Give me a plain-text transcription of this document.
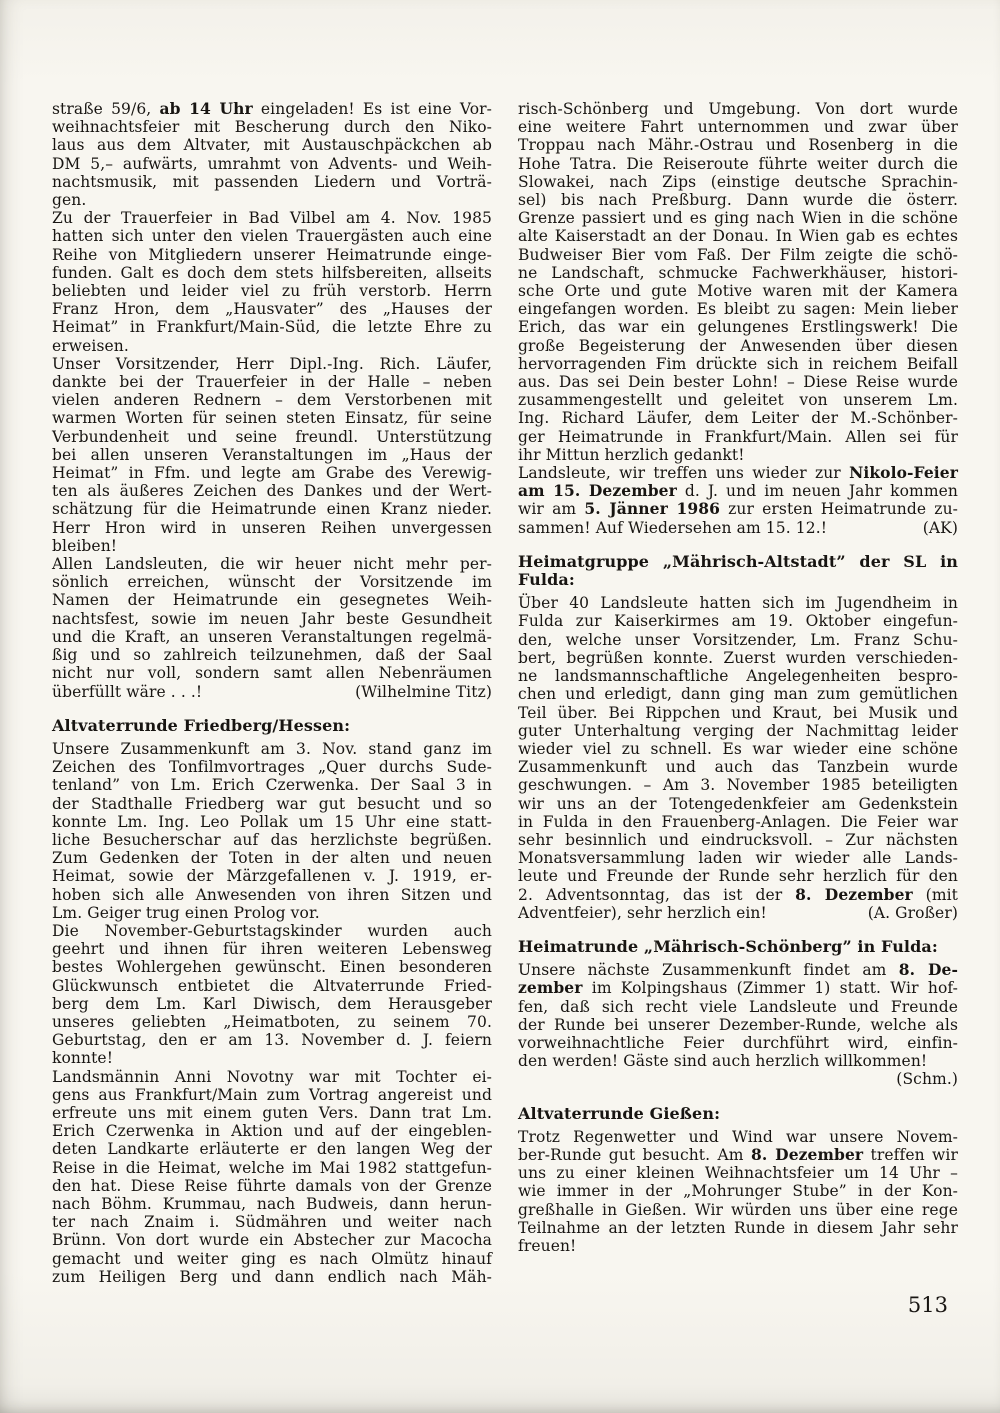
straße 59/6, ab 14 Uhr eingeladen! Es ist eine Vor-
weihnachtsfeier mit Bescherung durch den Niko-
laus aus dem Altvater, mit Austauschpäckchen ab
DM 5,– aufwärts, umrahmt von Advents- und Weih-
nachtsmusik, mit passenden Liedern und Vorträ-
gen.
Zu der Trauerfeier in Bad Vilbel am 4. Nov. 1985
hatten sich unter den vielen Trauergästen auch eine
Reihe von Mitgliedern unserer Heimatrunde einge-
funden. Galt es doch dem stets hilfsbereiten, allseits
beliebten und leider viel zu früh verstorb. Herrn
Franz Hron, dem „Hausvater” des „Hauses der
Heimat” in Frankfurt/Main-Süd, die letzte Ehre zu
erweisen.
Unser Vorsitzender, Herr Dipl.-Ing. Rich. Läufer,
dankte bei der Trauerfeier in der Halle – neben
vielen anderen Rednern – dem Verstorbenen mit
warmen Worten für seinen steten Einsatz, für seine
Verbundenheit und seine freundl. Unterstützung
bei allen unseren Veranstaltungen im „Haus der
Heimat” in Ffm. und legte am Grabe des Verewig-
ten als äußeres Zeichen des Dankes und der Wert-
schätzung für die Heimatrunde einen Kranz nieder.
Herr Hron wird in unseren Reihen unvergessen
bleiben!
Allen Landsleuten, die wir heuer nicht mehr per-
sönlich erreichen, wünscht der Vorsitzende im
Namen der Heimatrunde ein gesegnetes Weih-
nachtsfest, sowie im neuen Jahr beste Gesundheit
und die Kraft, an unseren Veranstaltungen regelmä-
ßig und so zahlreich teilzunehmen, daß der Saal
nicht nur voll, sondern samt allen Nebenräumen
überfüllt wäre . . .!	(Wilhelmine Titz)
Altvaterrunde Friedberg/Hessen:
Unsere Zusammenkunft am 3. Nov. stand ganz im
Zeichen des Tonfilmvortrages „Quer durchs Sude-
tenland” von Lm. Erich Czerwenka. Der Saal 3 in
der Stadthalle Friedberg war gut besucht und so
konnte Lm. Ing. Leo Pollak um 15 Uhr eine statt-
liche Besucherschar auf das herzlichste begrüßen.
Zum Gedenken der Toten in der alten und neuen
Heimat, sowie der Märzgefallenen v. J. 1919, er-
hoben sich alle Anwesenden von ihren Sitzen und
Lm. Geiger trug einen Prolog vor.
Die November-Geburtstagskinder wurden auch
geehrt und ihnen für ihren weiteren Lebensweg
bestes Wohlergehen gewünscht. Einen besonderen
Glückwunsch entbietet die Altvaterrunde Fried-
berg dem Lm. Karl Diwisch, dem Herausgeber
unseres geliebten „Heimatboten, zu seinem 70.
Geburtstag, den er am 13. November d. J. feiern
konnte!
Landsmännin Anni Novotny war mit Tochter ei-
gens aus Frankfurt/Main zum Vortrag angereist und
erfreute uns mit einem guten Vers. Dann trat Lm.
Erich Czerwenka in Aktion und auf der eingeblen-
deten Landkarte erläuterte er den langen Weg der
Reise in die Heimat, welche im Mai 1982 stattgefun-
den hat. Diese Reise führte damals von der Grenze
nach Böhm. Krummau, nach Budweis, dann herun-
ter nach Znaim i. Südmähren und weiter nach
Brünn. Von dort wurde ein Abstecher zur Macocha
gemacht und weiter ging es nach Olmütz hinauf
zum Heiligen Berg und dann endlich nach Mäh-
risch-Schönberg und Umgebung. Von dort wurde
eine weitere Fahrt unternommen und zwar über
Troppau nach Mähr.-Ostrau und Rosenberg in die
Hohe Tatra. Die Reiseroute führte weiter durch die
Slowakei, nach Zips (einstige deutsche Sprachin-
sel) bis nach Preßburg. Dann wurde die österr.
Grenze passiert und es ging nach Wien in die schöne
alte Kaiserstadt an der Donau. In Wien gab es echtes
Budweiser Bier vom Faß. Der Film zeigte die schö-
ne Landschaft, schmucke Fachwerkhäuser, histori-
sche Orte und gute Motive waren mit der Kamera
eingefangen worden. Es bleibt zu sagen: Mein lieber
Erich, das war ein gelungenes Erstlingswerk! Die
große Begeisterung der Anwesenden über diesen
hervorragenden Fim drückte sich in reichem Beifall
aus. Das sei Dein bester Lohn! – Diese Reise wurde
zusammengestellt und geleitet von unserem Lm.
Ing. Richard Läufer, dem Leiter der M.-Schönber-
ger Heimatrunde in Frankfurt/Main. Allen sei für
ihr Mittun herzlich gedankt!
Landsleute, wir treffen uns wieder zur Nikolo-Feier
am 15. Dezember d. J. und im neuen Jahr kommen
wir am 5. Jänner 1986 zur ersten Heimatrunde zu-
sammen! Auf Wiedersehen am 15. 12.!	(AK)
Heimatgruppe „Mährisch-Altstadt” der SL in
Fulda:
Über 40 Landsleute hatten sich im Jugendheim in
Fulda zur Kaiserkirmes am 19. Oktober eingefun-
den, welche unser Vorsitzender, Lm. Franz Schu-
bert, begrüßen konnte. Zuerst wurden verschieden-
ne landsmannschaftliche Angelegenheiten bespro-
chen und erledigt, dann ging man zum gemütlichen
Teil über. Bei Rippchen und Kraut, bei Musik und
guter Unterhaltung verging der Nachmittag leider
wieder viel zu schnell. Es war wieder eine schöne
Zusammenkunft und auch das Tanzbein wurde
geschwungen. – Am 3. November 1985 beteiligten
wir uns an der Totengedenkfeier am Gedenkstein
in Fulda in den Frauenberg-Anlagen. Die Feier war
sehr besinnlich und eindrucksvoll. – Zur nächsten
Monatsversammlung laden wir wieder alle Lands-
leute und Freunde der Runde sehr herzlich für den
2. Adventsonntag, das ist der 8. Dezember (mit
Adventfeier), sehr herzlich ein!	(A. Großer)
Heimatrunde „Mährisch-Schönberg” in Fulda:
Unsere nächste Zusammenkunft findet am 8. De-
zember im Kolpingshaus (Zimmer 1) statt. Wir hof-
fen, daß sich recht viele Landsleute und Freunde
der Runde bei unserer Dezember-Runde, welche als
vorweihnachtliche Feier durchführt wird, einfin-
den werden! Gäste sind auch herzlich willkommen!
(Schm.)
Altvaterrunde Gießen:
Trotz Regenwetter und Wind war unsere Novem-
ber-Runde gut besucht. Am 8. Dezember treffen wir
uns zu einer kleinen Weihnachtsfeier um 14 Uhr –
wie immer in der „Mohrunger Stube” in der Kon-
greßhalle in Gießen. Wir würden uns über eine rege
Teilnahme an der letzten Runde in diesem Jahr sehr
freuen!
513
